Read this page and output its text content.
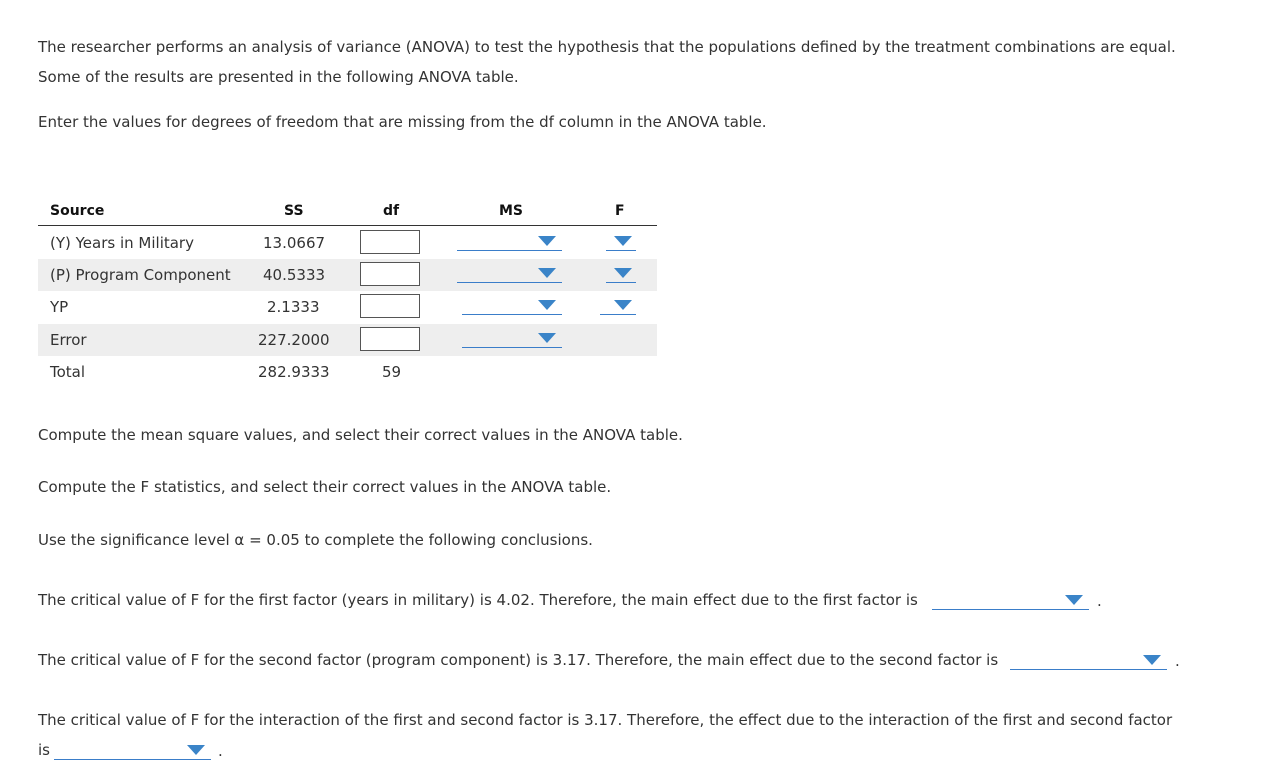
The researcher performs an analysis of variance (ANOVA) to test the hypothesis that the populations defined by the treatment combinations are equal.
Some of the results are presented in the following ANOVA table.
Enter the values for degrees of freedom that are missing from the df column in the ANOVA table.
Source	SS	df	MS	F
(Y) Years in Military	13.0667
(P) Program Component 40.5333
YP	2.1333
Error	227.2000
Total	282.9333	59
Compute the mean square values, and select their correct values in the ANOVA table.
Compute the F statistics, and select their correct values in the ANOVA table.
Use the significance level α = 0.05 to complete the following conclusions.
The critical value of F for the first factor (years in military) is 4.02. Therefore, the main effect due to the first factor is	.
The critical value of F for the second factor (program component) is 3.17. Therefore, the main effect due to the second factor is	.
The critical value of F for the interaction of the first and second factor is 3.17. Therefore, the effect due to the interaction of the first and second factor
is	.
